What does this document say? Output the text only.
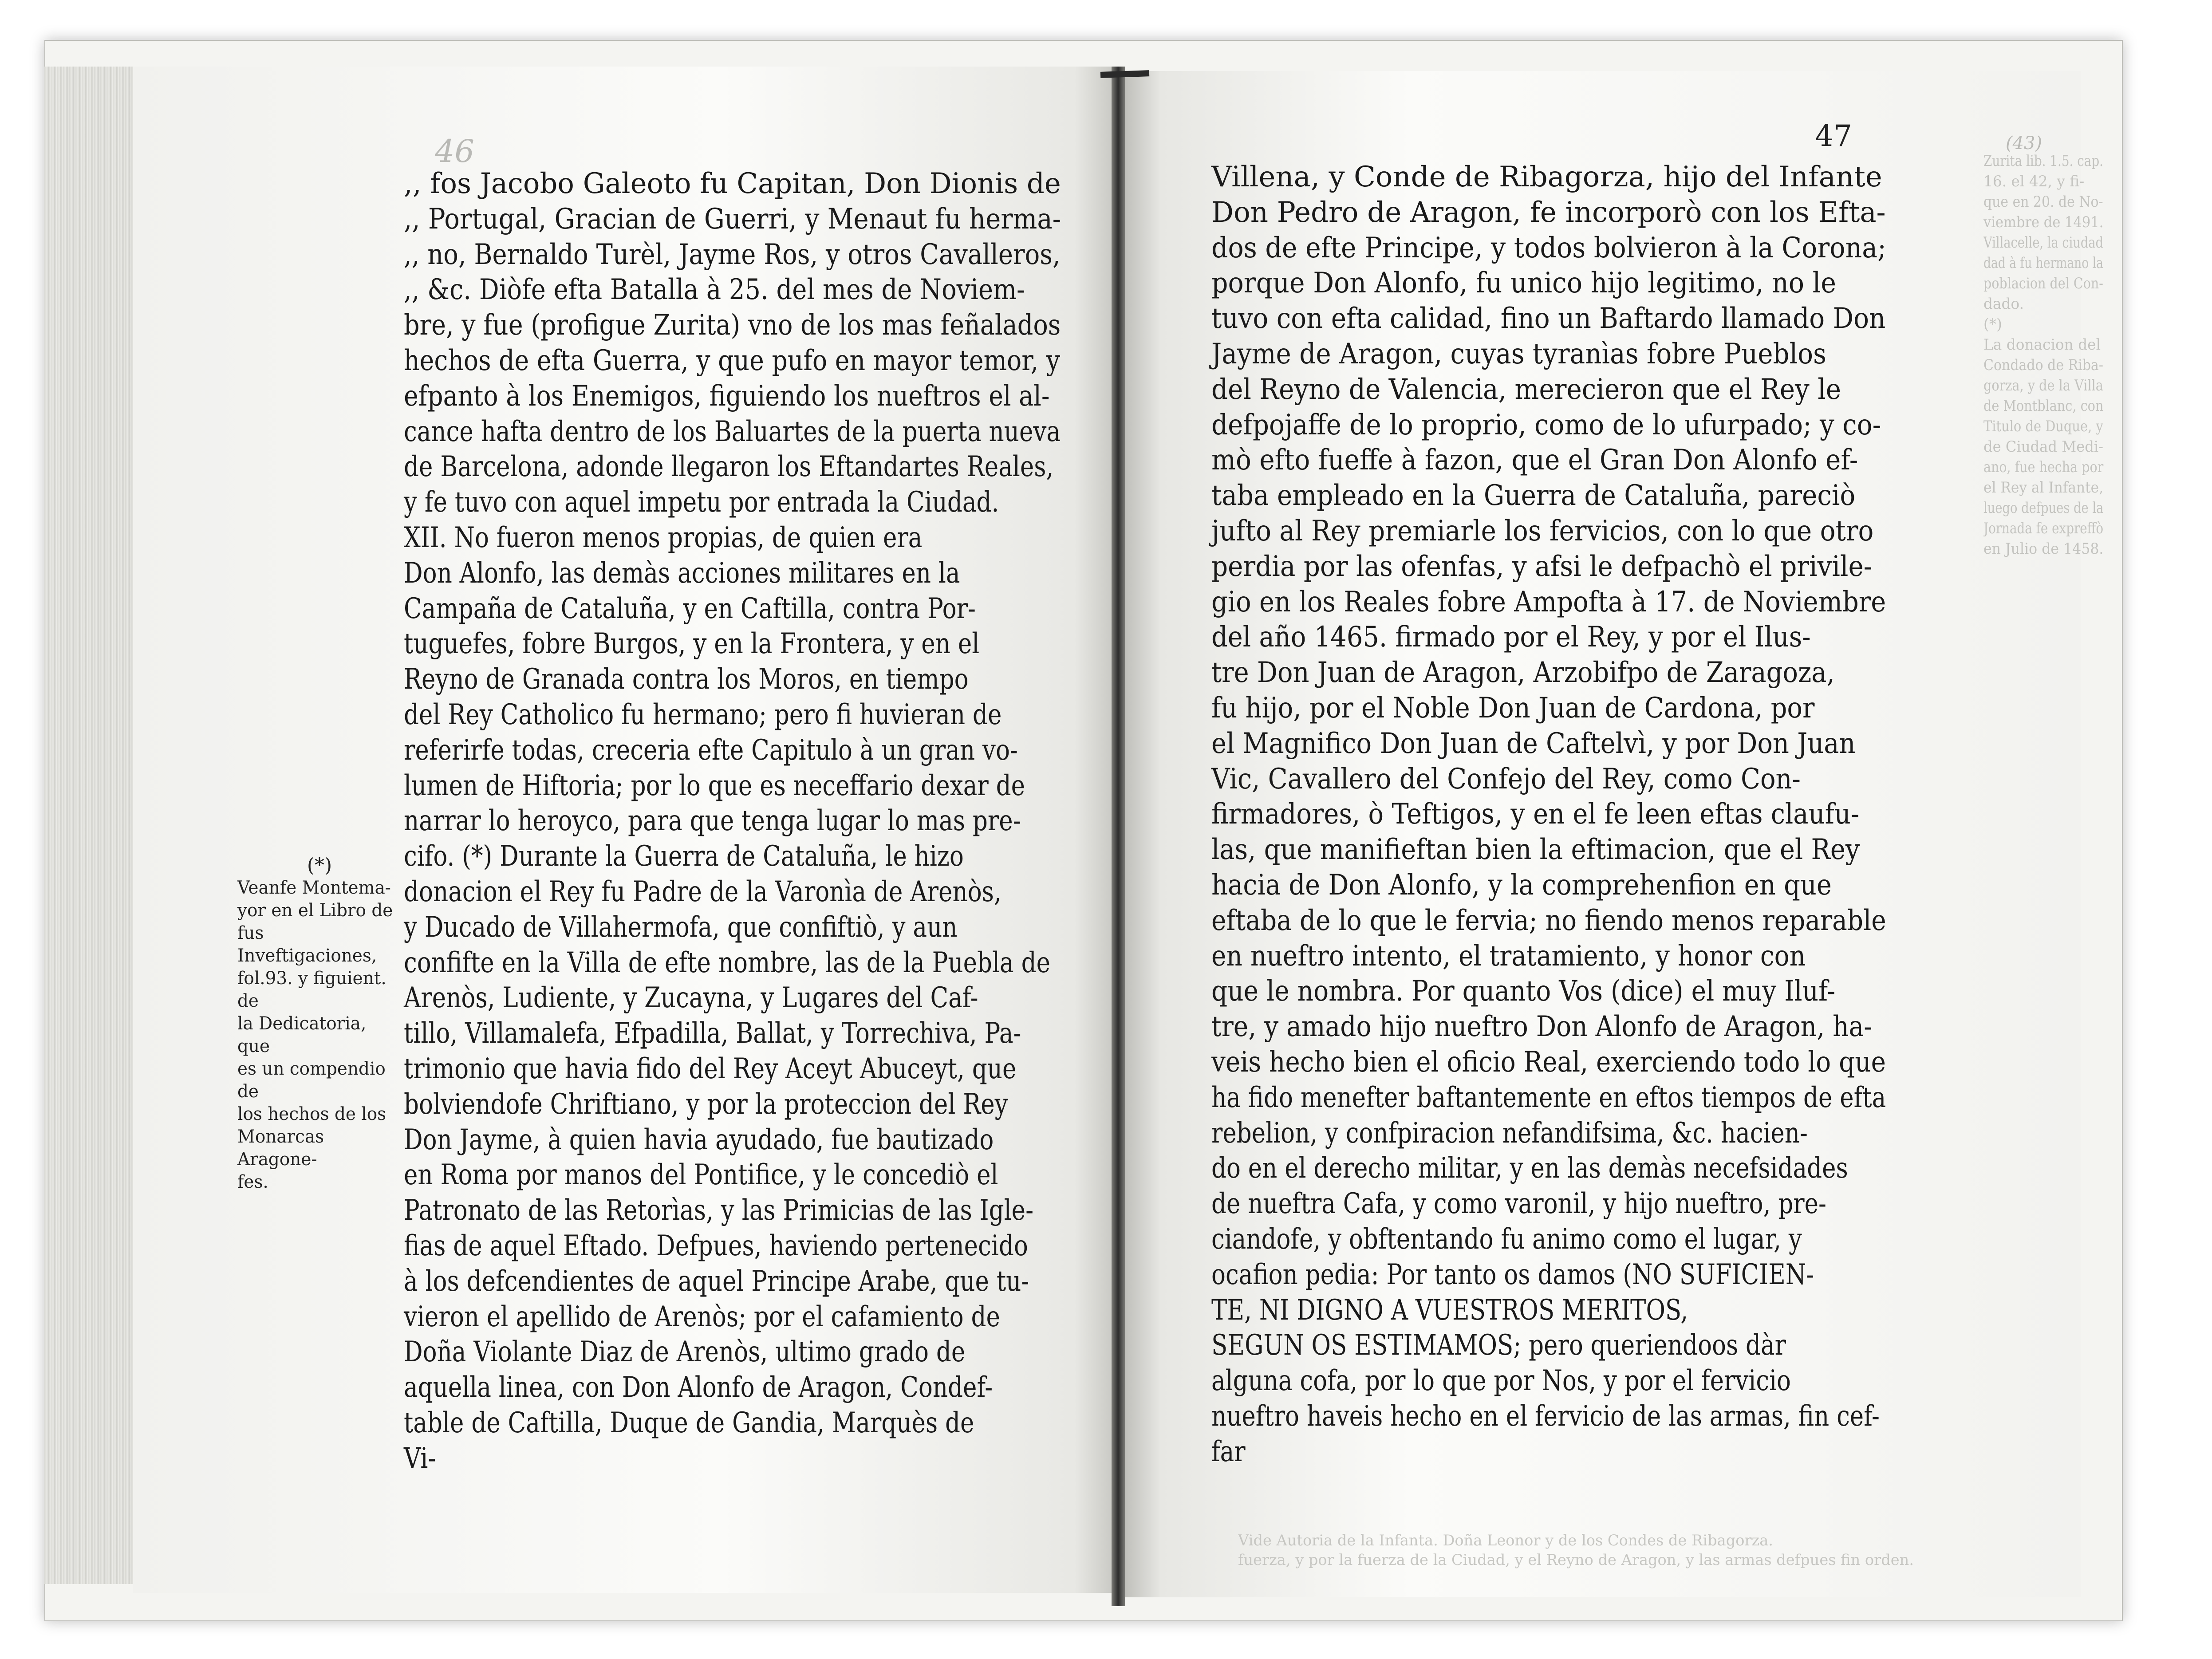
46
,, fos Jacobo Galeoto fu Capitan, Don Dionis de
,, Portugal, Gracian de Guerri, y Menaut fu herma-
,, no, Bernaldo Turèl, Jayme Ros, y otros Cavalleros,
,, &c. Diòfe efta Batalla à 25. del mes de Noviem-
bre, y fue (profigue Zurita) vno de los mas feñalados
hechos de efta Guerra, y que pufo en mayor temor, y
efpanto à los Enemigos, figuiendo los nueftros el al-
cance hafta dentro de los Baluartes de la puerta nueva
de Barcelona, adonde llegaron los Eftandartes Reales,
y fe tuvo con aquel impetu por entrada la Ciudad.
XII. No fueron menos propias, de quien era
Don Alonfo, las demàs acciones militares en la
Campaña de Cataluña, y en Caftilla, contra Por-
tuguefes, fobre Burgos, y en la Frontera, y en el
Reyno de Granada contra los Moros, en tiempo
del Rey Catholico fu hermano; pero fi huvieran de
referirfe todas, creceria efte Capitulo à un gran vo-
lumen de Hiftoria; por lo que es neceffario dexar de
narrar lo heroyco, para que tenga lugar lo mas pre-
cifo. (*) Durante la Guerra de Cataluña, le hizo
donacion el Rey fu Padre de la Varonìa de Arenòs,
y Ducado de Villahermofa, que confiftiò, y aun
confifte en la Villa de efte nombre, las de la Puebla de
Arenòs, Ludiente, y Zucayna, y Lugares del Caf-
tillo, Villamalefa, Efpadilla, Ballat, y Torrechiva, Pa-
trimonio que havia fido del Rey Aceyt Abuceyt, que
bolviendofe Chriftiano, y por la proteccion del Rey
Don Jayme, à quien havia ayudado, fue bautizado
en Roma por manos del Pontifice, y le concediò el
Patronato de las Retorìas, y las Primicias de las Igle-
fias de aquel Eftado. Defpues, haviendo pertenecido
à los defcendientes de aquel Principe Arabe, que tu-
vieron el apellido de Arenòs; por el cafamiento de
Doña Violante Diaz de Arenòs, ultimo grado de
aquella linea, con Don Alonfo de Aragon, Condef-
table de Caftilla, Duque de Gandia, Marquès de
Vi-
(*)
Veanfe Montema-
yor en el Libro de
fus Inveftigaciones,
fol.93. y figuient. de
la Dedicatoria, que
es un compendio de
los hechos de los
Monarcas Aragone-
fes.
47
Villena, y Conde de Ribagorza, hijo del Infante
Don Pedro de Aragon, fe incorporò con los Efta-
dos de efte Principe, y todos bolvieron à la Corona;
porque Don Alonfo, fu unico hijo legitimo, no le
tuvo con efta calidad, fino un Baftardo llamado Don
Jayme de Aragon, cuyas tyranìas fobre Pueblos
del Reyno de Valencia, merecieron que el Rey le
defpojaffe de lo proprio, como de lo ufurpado; y co-
mò efto fueffe à fazon, que el Gran Don Alonfo ef-
taba empleado en la Guerra de Cataluña, pareciò
jufto al Rey premiarle los fervicios, con lo que otro
perdia por las ofenfas, y afsi le defpachò el privile-
gio en los Reales fobre Ampofta à 17. de Noviembre
del año 1465. firmado por el Rey, y por el Ilus-
tre Don Juan de Aragon, Arzobifpo de Zaragoza,
fu hijo, por el Noble Don Juan de Cardona, por
el Magnifico Don Juan de Caftelvì, y por Don Juan
Vic, Cavallero del Confejo del Rey, como Con-
firmadores, ò Teftigos, y en el fe leen eftas claufu-
las, que manifieftan bien la eftimacion, que el Rey
hacia de Don Alonfo, y la comprehenfion en que
eftaba de lo que le fervia; no fiendo menos reparable
en nueftro intento, el tratamiento, y honor con
que le nombra. Por quanto Vos (dice) el muy Iluf-
tre, y amado hijo nueftro Don Alonfo de Aragon, ha-
veis hecho bien el oficio Real, exerciendo todo lo que
ha fido menefter baftantemente en eftos tiempos de efta
rebelion, y confpiracion nefandifsima, &c. hacien-
do en el derecho militar, y en las demàs necefsidades
de nueftra Cafa, y como varonil, y hijo nueftro, pre-
ciandofe, y obftentando fu animo como el lugar, y
ocafion pedia: Por tanto os damos (NO SUFICIEN-
TE, NI DIGNO A VUESTROS MERITOS,
SEGUN OS ESTIMAMOS; pero queriendoos dàr
alguna cofa, por lo que por Nos, y por el fervicio
nueftro haveis hecho en el fervicio de las armas, fin cef-
far
(43)
Zurita lib. 1.5. cap.
16. el 42, y fi-
que en 20. de No-
viembre de 1491.
Villacelle, la ciudad
dad à fu hermano la
poblacion del Con-
dado.
(*)
La donacion del
Condado de Riba-
gorza, y de la Villa
de Montblanc, con
Titulo de Duque, y
de Ciudad Medi-
ano, fue hecha por
el Rey al Infante,
luego defpues de la
Jornada fe expreffò
en Julio de 1458.
Vide Autoria de la Infanta. Doña Leonor y de los Condes de Ribagorza.
fuerza, y por la fuerza de la Ciudad, y el Reyno de Aragon, y las armas defpues fin orden.
